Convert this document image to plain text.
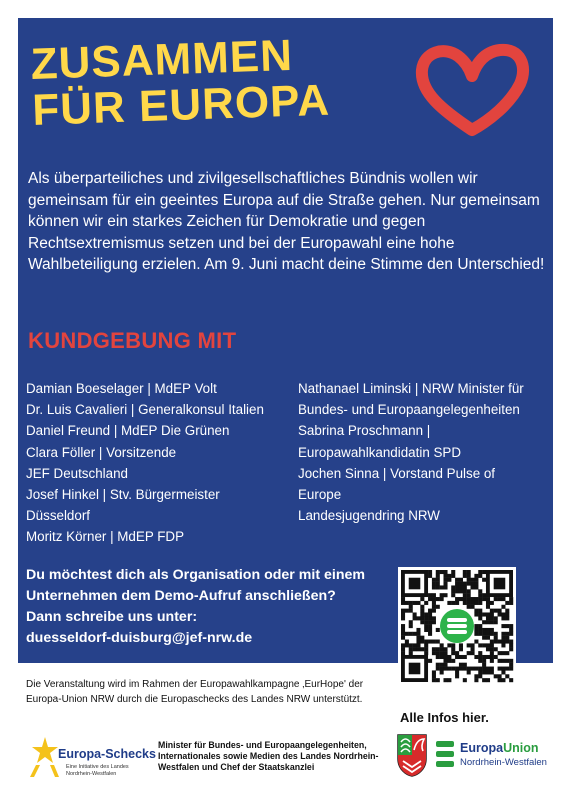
ZUSAMMEN
FÜR EUROPA

Als überparteiliches und zivilgesellschaftliches Bündnis wollen wir gemeinsam für ein geeintes Europa auf die Straße gehen. Nur gemeinsam können wir ein starkes Zeichen für Demokratie und gegen Rechtsextremismus setzen und bei der Europawahl eine hohe Wahlbeteiligung erzielen. Am 9. Juni macht deine Stimme den Unterschied!

KUNDGEBUNG MIT
Damian Boeselager | MdEP Volt
Dr. Luis Cavalieri | Generalkonsul Italien
Daniel Freund | MdEP Die Grünen
Clara Föller | Vorsitzende
JEF Deutschland
Josef Hinkel | Stv. Bürgermeister
Düsseldorf
Moritz Körner | MdEP FDP
Nathanael Liminski | NRW Minister für
Bundes- und Europaangelegenheiten
Sabrina Proschmann |
Europawahlkandidatin SPD
Jochen Sinna | Vorstand Pulse of
Europe
Landesjugendring NRW

Du möchtest dich als Organisation oder mit einem

Unternehmen dem Demo-Aufruf anschließen?

Dann schreibe uns unter:

duesseldorf-duisburg@jef-nrw.de

Alle Infos hier.

Die Veranstaltung wird im Rahmen der Europawahlkampagne ‚EurHope' der Europa-Union NRW durch die Europaschecks des Landes NRW unterstützt.

Europa-Schecks

Eine Initiative des Landes Nordrhein-Westfalen

Minister für Bundes- und Europaangelegenheiten, Internationales sowie Medien des Landes Nordrhein-Westfalen und Chef der Staatskanzlei

EuropaUnion

Nordrhein-Westfalen
